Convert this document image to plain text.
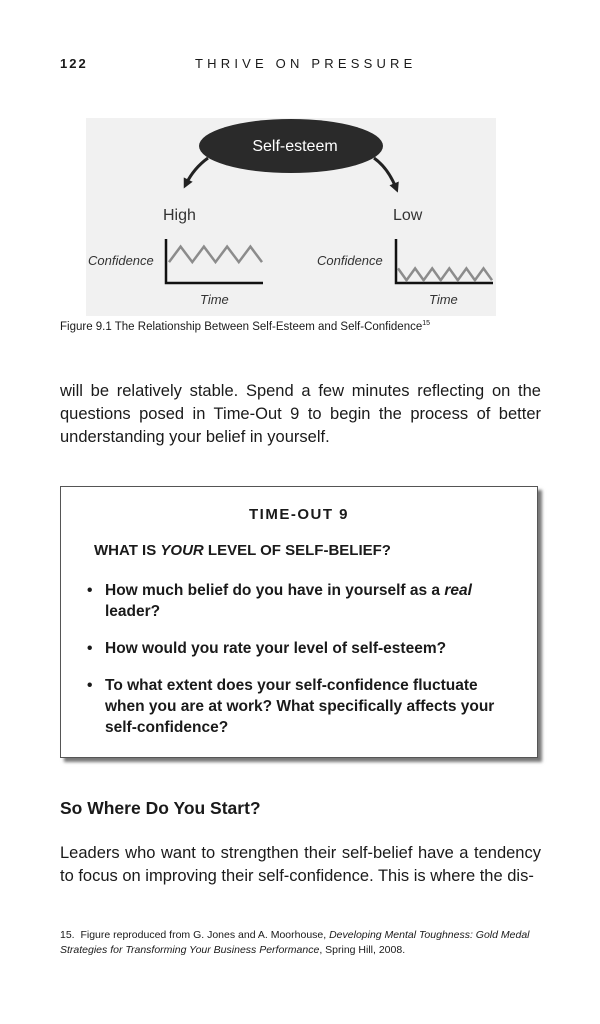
122	THRIVE ON PRESSURE
Self-esteem
High
Confidence
Time
Low
Confidence
Time
Figure 9.1 The Relationship Between Self-Esteem and Self-Confidence$^{15}$

will be relatively stable. Spend a few minutes reflecting on the questions posed in Time-Out 9 to begin the process of better understanding your belief in yourself.

TIME-OUT 9
WHAT IS YOUR LEVEL OF SELF-BELIEF?
• How much belief do you have in yourself as a real leader?
• How would you rate your level of self-esteem?
• To what extent does your self-confidence fluctuate when you are at work? What specifically affects your self-confidence?
So Where Do You Start?

Leaders who want to strengthen their self-belief have a tendency to focus on improving their self-confidence. This is where the dis-

15. Figure reproduced from G. Jones and A. Moorhouse, Developing Mental Toughness: Gold Medal Strategies for Transforming Your Business Performance, Spring Hill, 2008.
